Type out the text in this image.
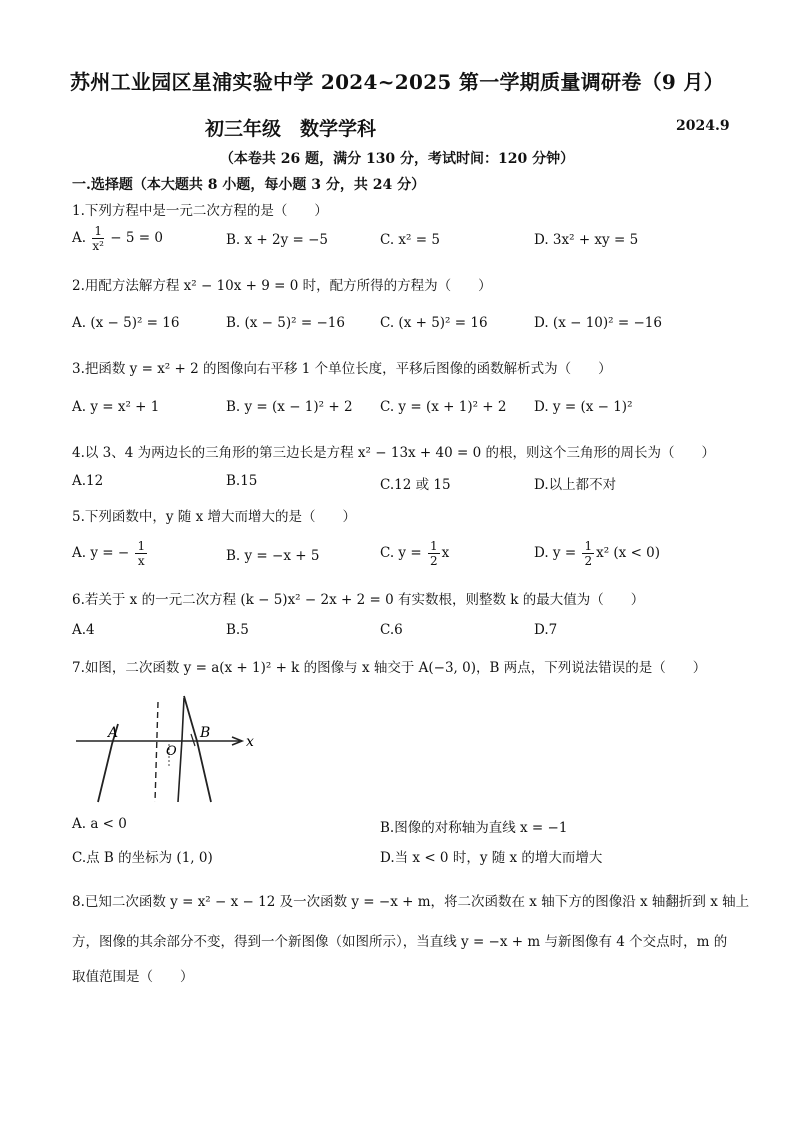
苏州工业园区星浦实验中学 2024~2025 第一学期质量调研卷（9 月）
初三年级　数学学科	2024.9
（本卷共 26 题，满分 130 分，考试时间：120 分钟）
一.选择题（本大题共 8 小题，每小题 3 分，共 24 分）
1.下列方程中是一元二次方程的是（　　）
A. $\frac{1}{\text{x²}} - 5 = 0$	B. x + 2y = −5	C. x² = 5	D. 3x² + xy = 5
2.用配方法解方程 x² − 10x + 9 = 0 时，配方所得的方程为（　　）
A. (x − 5)² = 16	B. (x − 5)² = −16	C. (x + 5)² = 16	D. (x − 10)² = −16
3.把函数 y = x² + 2 的图像向右平移 1 个单位长度，平移后图像的函数解析式为（　　）
A. y = x² + 1	B. y = (x − 1)² + 2 C. y = (x + 1)² + 2 D. y = (x − 1)²
4.以 3、4 为两边长的三角形的第三边长是方程 x² − 13x + 40 = 0 的根，则这个三角形的周长为（　　）
A.12	B.15	C.12 或 15	D.以上都不对
5.下列函数中，y 随 x 增大而增大的是（　　）
A. y = − $\frac{1}{x}$	B. y = −x + 5	C. $y = \frac{1}{2}$ x	D. $y = \frac{1}{2} x^2$ (x < 0)
6.若关于 x 的一元二次方程 (k − 5)x² − 2x + 2 = 0 有实数根，则整数 k 的最大值为（　　）
A.4	B.5	C.6	D.7
7.如图，二次函数 y = a(x + 1)² + k 的图像与 x 轴交于 A(−3, 0)，B 两点，下列说法错误的是（　　）
A	B
O
x
A. a < 0	B.图像的对称轴为直线 x = −1
C.点 B 的坐标为 (1, 0)	D.当 x < 0 时，y 随 x 的增大而增大
8.已知二次函数 y = x² − x − 12 及一次函数 y = −x + m，将二次函数在 x 轴下方的图像沿 x 轴翻折到 x 轴上
方，图像的其余部分不变，得到一个新图像（如图所示），当直线 y = −x + m 与新图像有 4 个交点时，m 的
取值范围是（　　）
